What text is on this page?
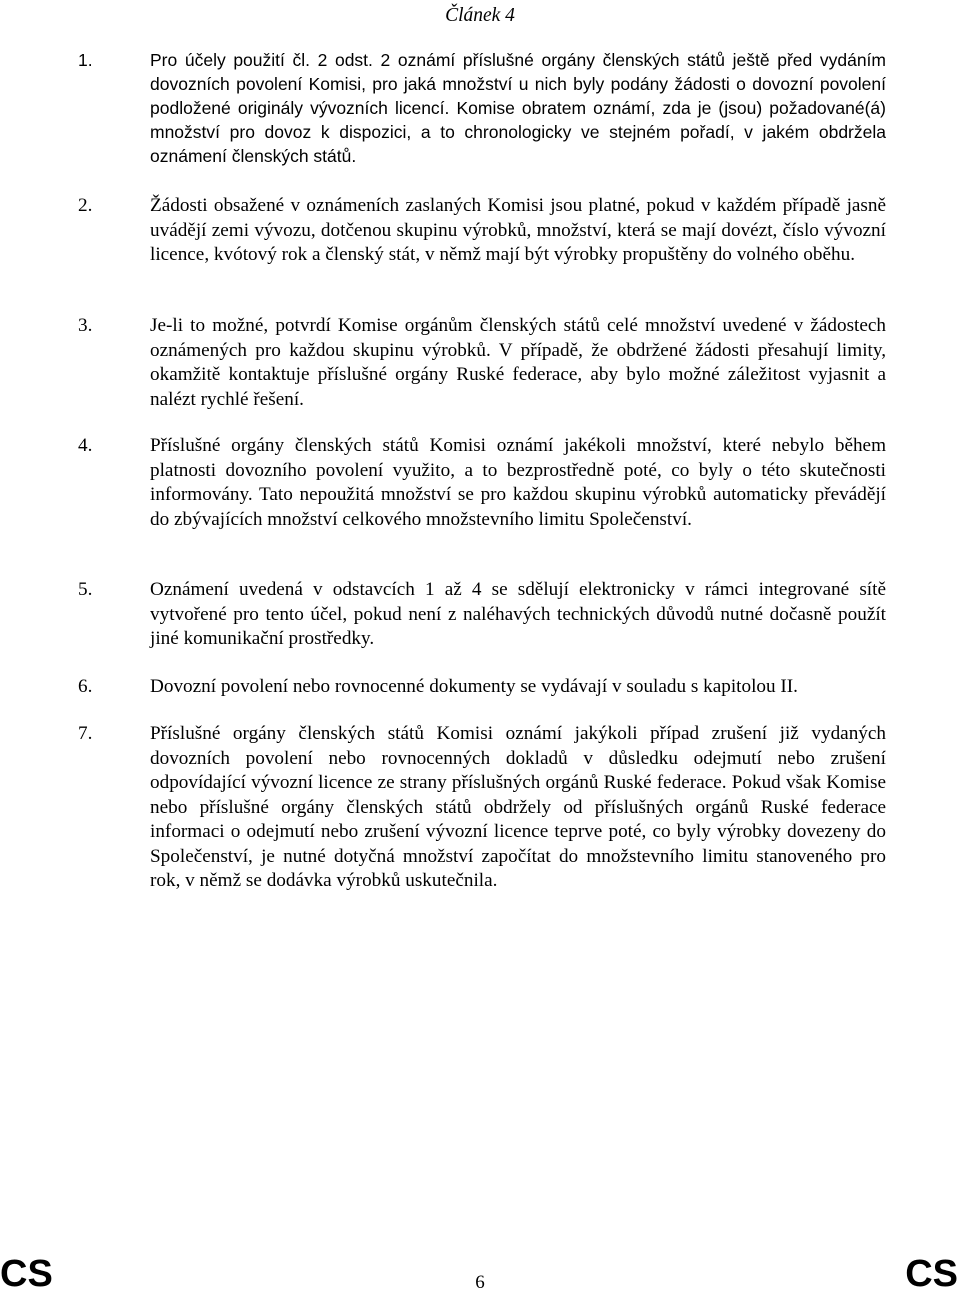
Článek 4
1.	Pro účely použití čl. 2 odst. 2 oznámí příslušné orgány členských států ještě před vydáním dovozních povolení Komisi, pro jaká množství u nich byly podány žádosti o dovozní povolení podložené originály vývozních licencí. Komise obratem oznámí, zda je (jsou) požadované(á) množství pro dovoz k dispozici, a to chronologicky ve stejném pořadí, v jakém obdržela oznámení členských států.
2.	Žádosti obsažené v oznámeních zaslaných Komisi jsou platné, pokud v každém případě jasně uvádějí zemi vývozu, dotčenou skupinu výrobků, množství, která se mají dovézt, číslo vývozní licence, kvótový rok a členský stát, v němž mají být výrobky propuštěny do volného oběhu.
3.	Je-li to možné, potvrdí Komise orgánům členských států celé množství uvedené v žádostech oznámených pro každou skupinu výrobků. V případě, že obdržené žádosti přesahují limity, okamžitě kontaktuje příslušné orgány Ruské federace, aby bylo možné záležitost vyjasnit a nalézt rychlé řešení.
4.	Příslušné orgány členských států Komisi oznámí jakékoli množství, které nebylo během platnosti dovozního povolení využito, a to bezprostředně poté, co byly o této skutečnosti informovány. Tato nepoužitá množství se pro každou skupinu výrobků automaticky převádějí do zbývajících množství celkového množstevního limitu Společenství.
5.	Oznámení uvedená v odstavcích 1 až 4 se sdělují elektronicky v rámci integrované sítě vytvořené pro tento účel, pokud není z naléhavých technických důvodů nutné dočasně použít jiné komunikační prostředky.
6.	Dovozní povolení nebo rovnocenné dokumenty se vydávají v souladu s kapitolou II.
7.	Příslušné orgány členských států Komisi oznámí jakýkoli případ zrušení již vydaných dovozních povolení nebo rovnocenných dokladů v důsledku odejmutí nebo zrušení odpovídající vývozní licence ze strany příslušných orgánů Ruské federace. Pokud však Komise nebo příslušné orgány členských států obdržely od příslušných orgánů Ruské federace informaci o odejmutí nebo zrušení vývozní licence teprve poté, co byly výrobky dovezeny do Společenství, je nutné dotyčná množství započítat do množstevního limitu stanoveného pro rok, v němž se dodávka výrobků uskutečnila.
CS	6	CS
